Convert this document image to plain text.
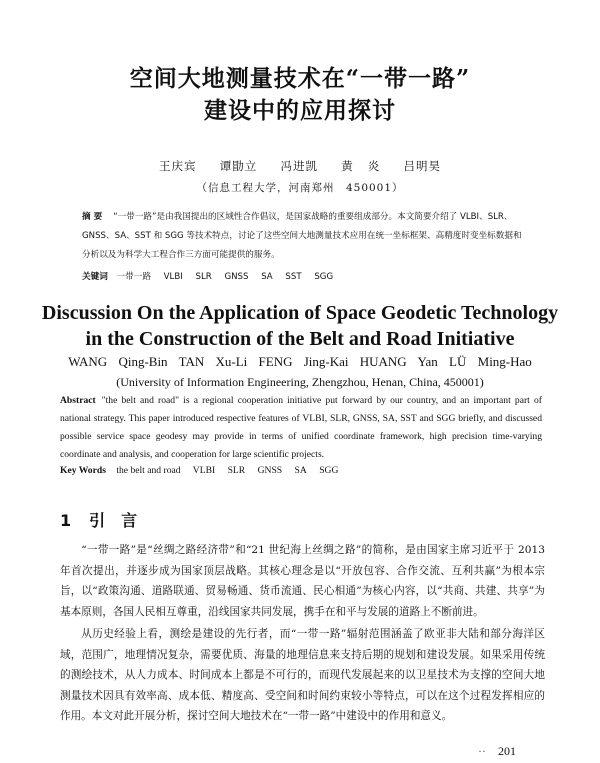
空间大地测量技术在“一带一路”
建设中的应用探讨
王庆宾 谭勖立 冯进凯 黄 炎 吕明昊
（信息工程大学，河南郑州　450001）
摘要 “一带一路”是由我国提出的区域性合作倡议，是国家战略的重要组成部分。本文简要介绍了 VLBI、SLR、GNSS、SA、SST 和 SGG 等技术特点，讨论了这些空间大地测量技术应用在统一坐标框架、高精度时变坐标数据和分析以及为科学大工程合作三方面可能提供的服务。
关键词 一带一路 VLBI SLR GNSS SA SST SGG
Discussion On the Application of Space Geodetic Technology
in the Construction of the Belt and Road Initiative
WANG Qing-Bin TAN Xu-Li FENG Jing-Kai HUANG Yan LÜ Ming-Hao
(University of Information Engineering, Zhengzhou, Henan, China, 450001)
Abstract "the belt and road" is a regional cooperation initiative put forward by our country, and an important part of national strategy. This paper introduced respective features of VLBI, SLR, GNSS, SA, SST and SGG briefly, and discussed possible service space geodesy may provide in terms of unified coordinate framework, high precision time-varying coordinate and analysis, and cooperation for large scientific projects.
Key Words the belt and road VLBI SLR GNSS SA SGG
1 引言
“一带一路”是“丝绸之路经济带”和“21 世纪海上丝绸之路”的简称，是由国家主席习近平于 2013 年首次提出，并逐步成为国家顶层战略。其核心理念是以“开放包容、合作交流、互利共赢”为根本宗旨，以“政策沟通、道路联通、贸易畅通、货币流通、民心相通”为核心内容，以“共商、共建、共享”为基本原则，各国人民相互尊重，沿线国家共同发展，携手在和平与发展的道路上不断前进。
从历史经验上看，测绘是建设的先行者，而“一带一路”辐射范围涵盖了欧亚非大陆和部分海洋区域，范围广，地理情况复杂，需要优质、海量的地理信息来支持后期的规划和建设发展。如果采用传统的测绘技术，从人力成本、时间成本上都是不可行的，而现代发展起来的以卫星技术为支撑的空间大地测量技术因具有效率高、成本低、精度高、受空间和时间约束较小等特点，可以在这个过程发挥相应的作用。本文对此开展分析，探讨空间大地技术在“一带一路”中建设中的作用和意义。
·· 201
